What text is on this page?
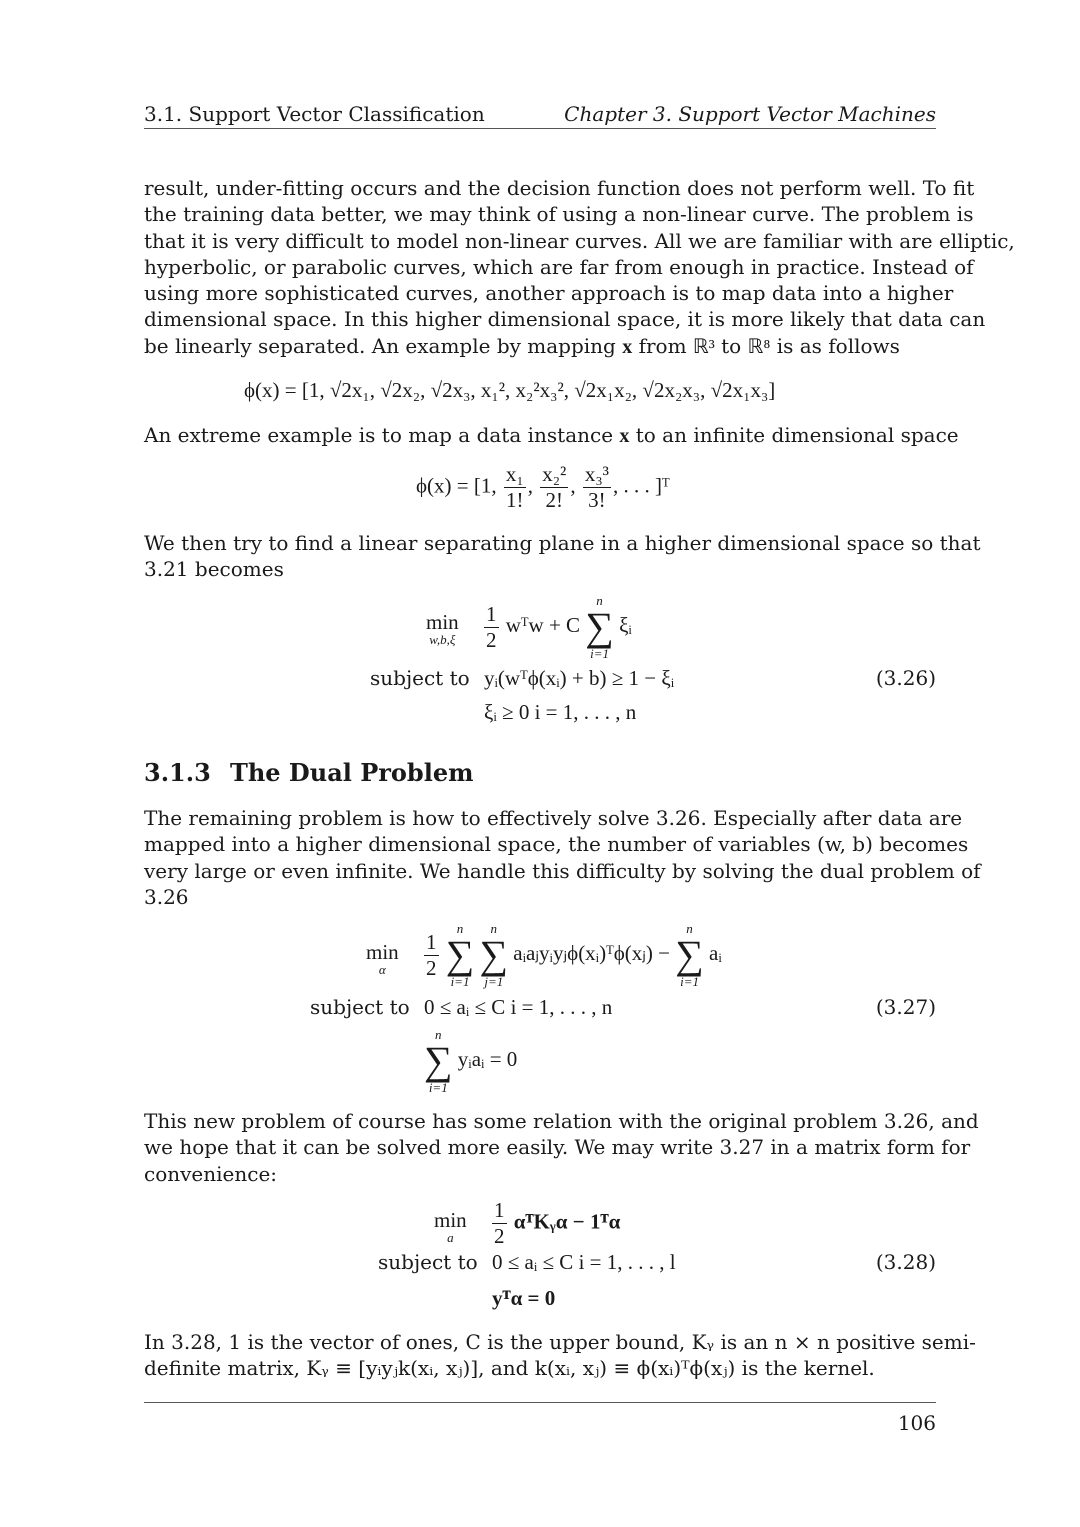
3.1. Support Vector Classification	Chapter 3. Support Vector Machines
result, under-fitting occurs and the decision function does not perform well. To fit
the training data better, we may think of using a non-linear curve. The problem is
that it is very difficult to model non-linear curves. All we are familiar with are elliptic,
hyperbolic, or parabolic curves, which are far from enough in practice. Instead of
using more sophisticated curves, another approach is to map data into a higher
dimensional space. In this higher dimensional space, it is more likely that data can
be linearly separated. An example by mapping x from ℝ³ to ℝ⁸ is as follows
ϕ(x) = [1, √2x₁, √2x₂, √2x₃, x₁², x₂²x₃², √2x₁x₂, √2x₂x₃, √2x₁x₃]
An extreme example is to map a data instance x to an infinite dimensional space
ϕ(x) = [1, $\frac{\text{x₁}}{1!}$ , $\frac{\text{x₂²}}{2!}$ , $\frac{\text{x₃³}}{3!}$ , . . . ]ᵀ
We then try to find a linear separating plane in a higher dimensional space so that
3.21 becomes
min
$w,b,\xi \frac{1}{2}$ wᵀw + C
n
∑
i=1
ξᵢ
subject to yᵢ(wᵀϕ(xᵢ) + b) ≥ 1 − ξᵢ
ξᵢ ≥ 0 i = 1, . . . , n
(3.26)
3.1.3 The Dual Problem
The remaining problem is how to effectively solve 3.26. Especially after data are
mapped into a higher dimensional space, the number of variables (w, b) becomes
very large or even infinite. We handle this difficulty by solving the dual problem of
3.26
min
α	$\frac{1}{2}$

n
∑
i=1

n
∑
j=1
aᵢaⱼyᵢyⱼϕ(xᵢ)ᵀϕ(xⱼ) −
n
∑
i=1
aᵢ
subject to 0 ≤ aᵢ ≤ C i = 1, . . . , n
n
∑
i=1
yᵢaᵢ = 0
(3.27)
This new problem of course has some relation with the original problem 3.26, and
we hope that it can be solved more easily. We may write 3.27 in a matrix form for
convenience:
min
a	$\frac{1}{2}$ αᵀKᵧα − 1ᵀα
subject to 0 ≤ aᵢ ≤ C i = 1, . . . , l
yᵀα = 0
(3.28)
In 3.28, 1 is the vector of ones, C is the upper bound, Kᵧ is an n × n positive semi-
definite matrix, Kᵧ ≡ [yᵢyⱼk(xᵢ, xⱼ)], and k(xᵢ, xⱼ) ≡ ϕ(xᵢ)ᵀϕ(xⱼ) is the kernel.
106
